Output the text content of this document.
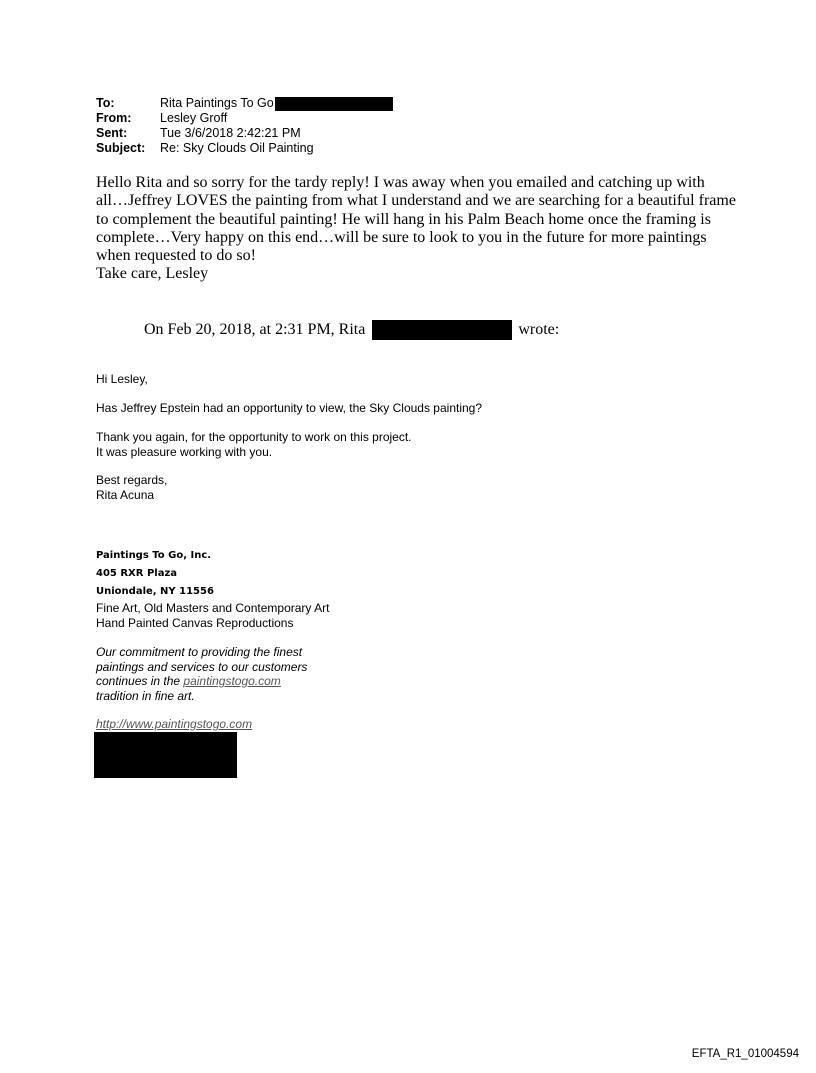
To:	Rita Paintings To Go
From:	Lesley Groff
Sent:	Tue 3/6/2018 2:42:21 PM
Subject:	Re: Sky Clouds Oil Painting

Hello Rita and so sorry for the tardy reply! I was away when you emailed and catching up with all…Jeffrey LOVES the painting from what I understand and we are searching for a beautiful frame to complement the beautiful painting! He will hang in his Palm Beach home once the framing is complete…Very happy on this end…will be sure to look to you in the future for more paintings when requested to do so!

Take care, Lesley

On Feb 20, 2018, at 2:31 PM, Rita	wrote:
Hi Lesley,
Has Jeffrey Epstein had an opportunity to view, the Sky Clouds painting?
Thank you again, for the opportunity to work on this project.
It was pleasure working with you.
Best regards,
Rita Acuna
Paintings To Go, Inc.
405 RXR Plaza
Uniondale, NY 11556
Fine Art, Old Masters and Contemporary Art
Hand Painted Canvas Reproductions
Our commitment to providing the finest
paintings and services to our customers
continues in the paintingstogo.com
tradition in fine art.
http://www.paintingstogo.com
EFTA_R1_01004594
